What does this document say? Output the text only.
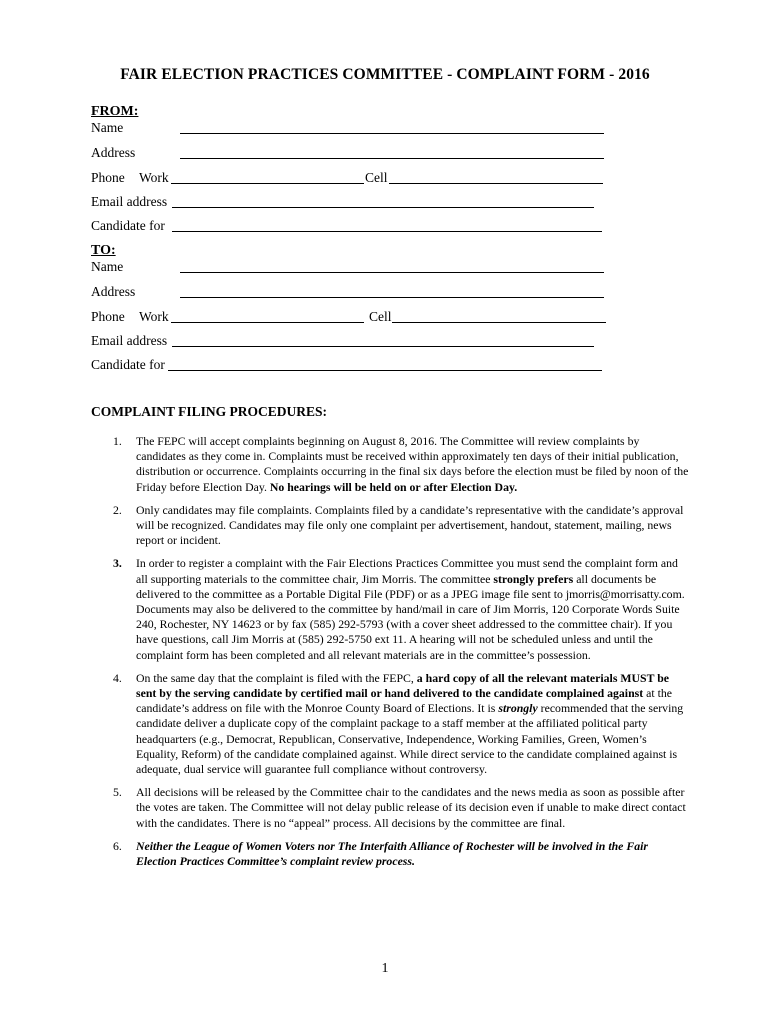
FAIR ELECTION PRACTICES COMMITTEE - COMPLAINT FORM - 2016
FROM:
Name
Address
Phone Work	Cell
Email address
Candidate for
TO:
Name
Address
Phone Work	Cell
Email address
Candidate for
COMPLAINT FILING PROCEDURES:
1. The FEPC will accept complaints beginning on August 8, 2016. The Committee will review complaints by candidates as they come in. Complaints must be received within approximately ten days of their initial publication, distribution or occurrence. Complaints occurring in the final six days before the election must be filed by noon of the Friday before Election Day. No hearings will be held on or after Election Day.
2. Only candidates may file complaints. Complaints filed by a candidate’s representative with the candidate’s approval will be recognized. Candidates may file only one complaint per advertisement, handout, statement, mailing, news report or incident.
3. In order to register a complaint with the Fair Elections Practices Committee you must send the complaint form and all supporting materials to the committee chair, Jim Morris. The committee strongly prefers all documents be delivered to the committee as a Portable Digital File (PDF) or as a JPEG image file sent to jmorris@morrisatty.com. Documents may also be delivered to the committee by hand/mail in care of Jim Morris, 120 Corporate Words Suite 240, Rochester, NY 14623 or by fax (585) 292-5793 (with a cover sheet addressed to the committee chair). If you have questions, call Jim Morris at (585) 292-5750 ext 11. A hearing will not be scheduled unless and until the complaint form has been completed and all relevant materials are in the committee’s possession.
4. On the same day that the complaint is filed with the FEPC, a hard copy of all the relevant materials MUST be sent by the serving candidate by certified mail or hand delivered to the candidate complained against at the candidate’s address on file with the Monroe County Board of Elections. It is strongly recommended that the serving candidate deliver a duplicate copy of the complaint package to a staff member at the affiliated political party headquarters (e.g., Democrat, Republican, Conservative, Independence, Working Families, Green, Women’s Equality, Reform) of the candidate complained against. While direct service to the candidate complained against is adequate, dual service will guarantee full compliance without controversy.
5. All decisions will be released by the Committee chair to the candidates and the news media as soon as possible after the votes are taken. The Committee will not delay public release of its decision even if unable to make direct contact with the candidates. There is no “appeal” process. All decisions by the committee are final.
6. Neither the League of Women Voters nor The Interfaith Alliance of Rochester will be involved in the Fair Election Practices Committee’s complaint review process.
1
